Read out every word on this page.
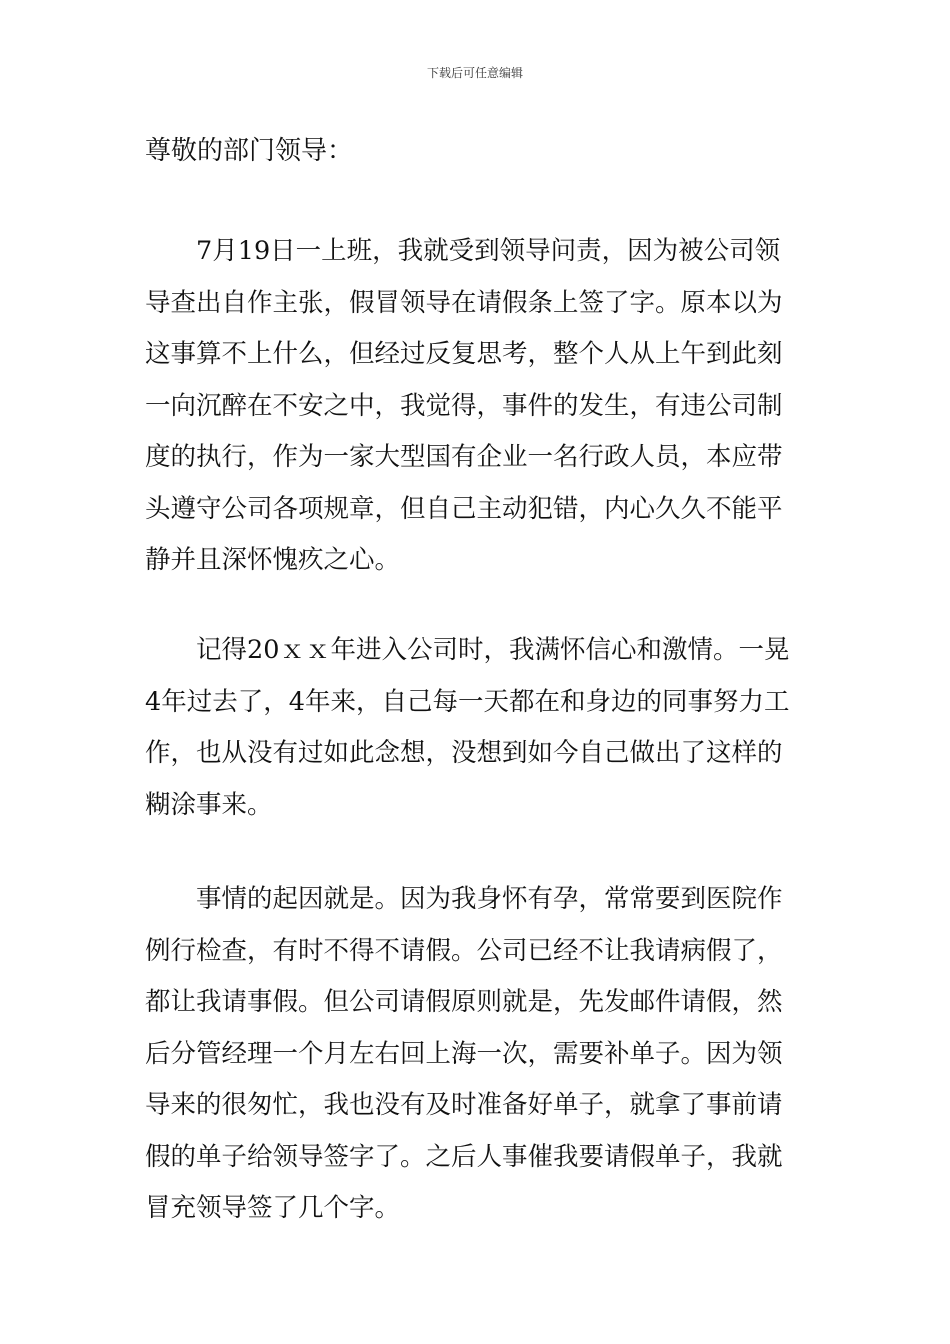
下载后可任意编辑
尊敬的部门领导：
　　7月19日一上班，我就受到领导问责，因为被公司领
导查出自作主张，假冒领导在请假条上签了字。原本以为
这事算不上什么，但经过反复思考，整个人从上午到此刻
一向沉醉在不安之中，我觉得，事件的发生，有违公司制
度的执行，作为一家大型国有企业一名行政人员，本应带
头遵守公司各项规章，但自己主动犯错，内心久久不能平
静并且深怀愧疚之心。
　　记得20ｘｘ年进入公司时，我满怀信心和激情。一晃
4年过去了，4年来，自己每一天都在和身边的同事努力工
作，也从没有过如此念想，没想到如今自己做出了这样的
糊涂事来。
　　事情的起因就是。因为我身怀有孕，常常要到医院作
例行检查，有时不得不请假。公司已经不让我请病假了，
都让我请事假。但公司请假原则就是，先发邮件请假，然
后分管经理一个月左右回上海一次，需要补单子。因为领
导来的很匆忙，我也没有及时准备好单子，就拿了事前请
假的单子给领导签字了。之后人事催我要请假单子，我就
冒充领导签了几个字。
